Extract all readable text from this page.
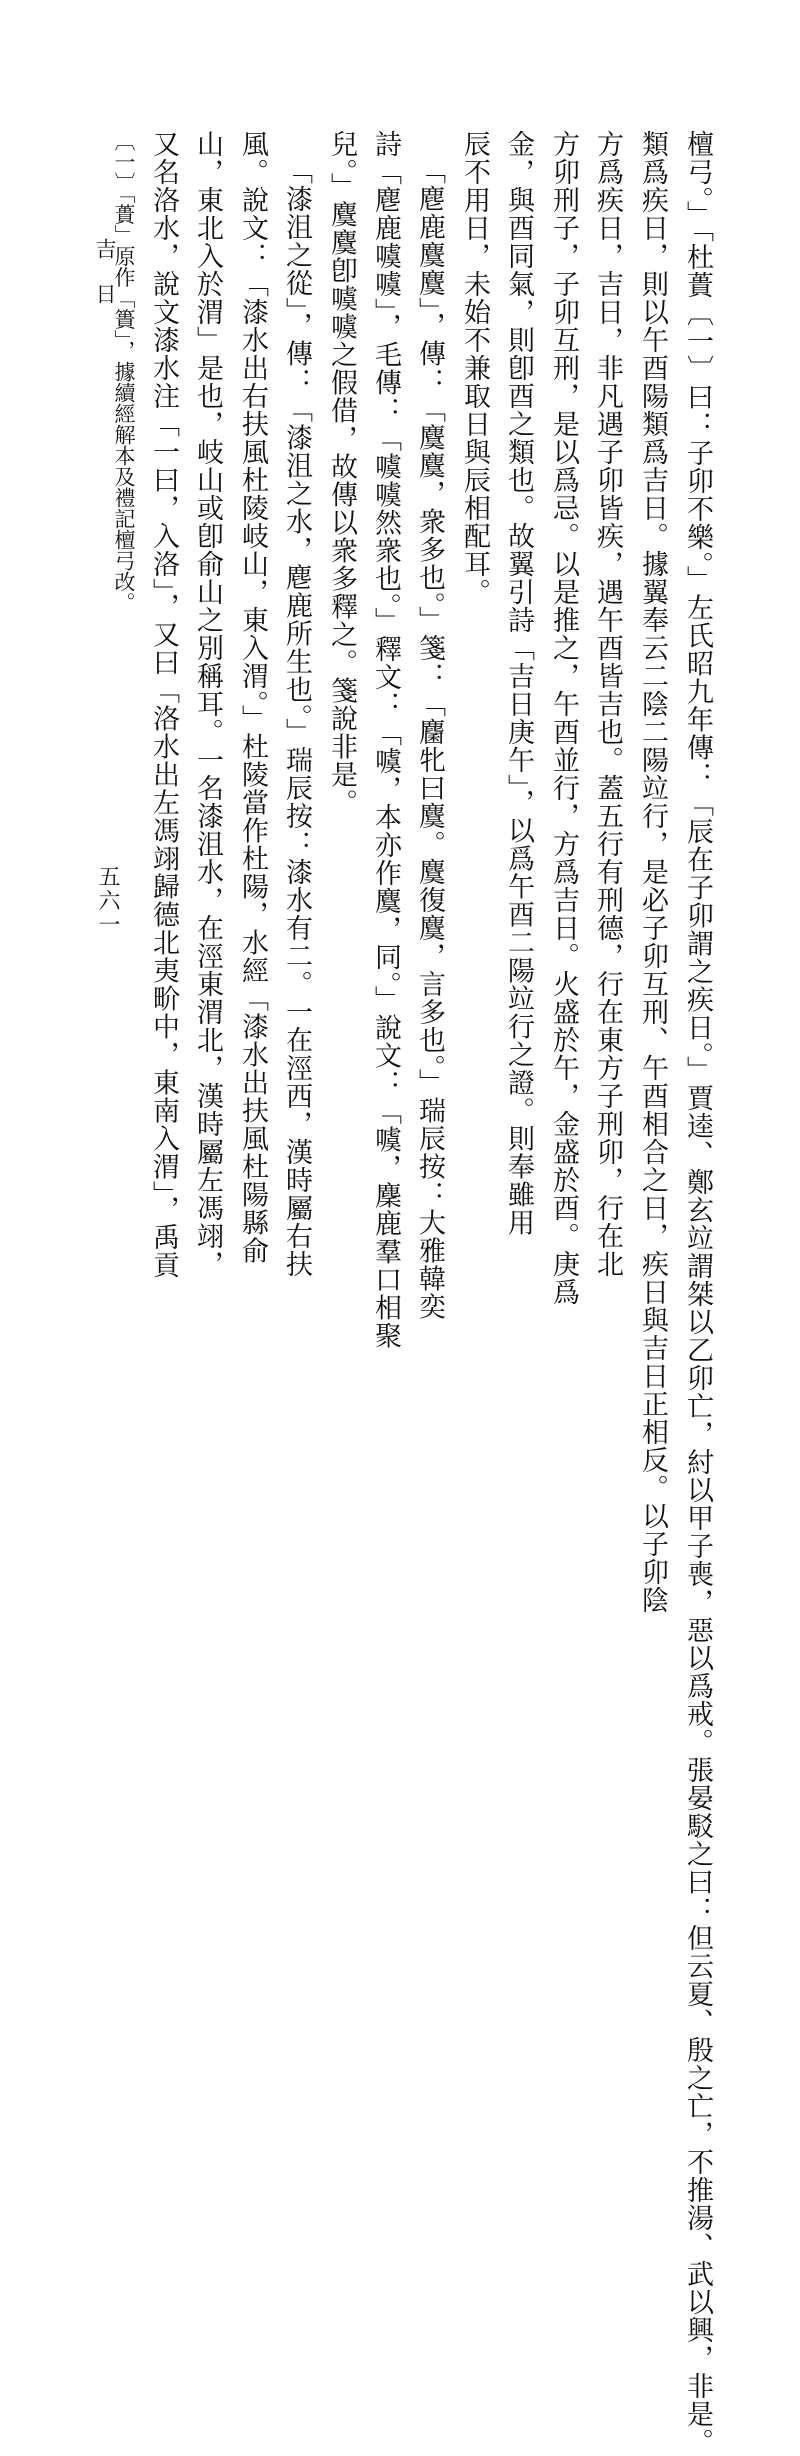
檀弓。」「杜蕢〔一〕曰：子卯不樂。」左氏昭九年傳：「辰在子卯謂之疾日。」賈逵、鄭玄竝謂桀以乙卯亡，紂以甲子喪，惡以爲戒。張晏駁之曰：但云夏、殷之亡，不推湯、武以興，非是。
類爲疾日，則以午酉陽類爲吉日。據翼奉云二陰二陽竝行，是必子卯互刑、午酉相合之日，疾日與吉日正相反。以子卯陰
方爲疾日，吉日，非凡遇子卯皆疾，遇午酉皆吉也。蓋五行有刑德，行在東方子刑卯，行在北
方卯刑子，子卯互刑，是以爲忌。以是推之，午酉並行，方爲吉日。火盛於午，金盛於酉。庚爲
金，與酉同氣，則卽酉之類也。故翼引詩「吉日庚午」，以爲午酉二陽竝行之證。則奉雖用
辰不用日，未始不兼取日與辰相配耳。
「麀鹿麌麌」，傳：「麌麌，衆多也。」箋：「麕牝曰麌。麌復麌，言多也。」瑞辰按：大雅韓奕
詩「麀鹿噳噳」，毛傳：「噳噳然衆也。」釋文：「噳，本亦作麌，同。」說文：「噳，麇鹿羣口相聚
兒。」麌麌卽噳噳之假借，故傳以衆多釋之。箋說非是。
「漆沮之從」，傳：「漆沮之水，麀鹿所生也。」瑞辰按：漆水有二。一在涇西，漢時屬右扶
風。說文：「漆水出右扶風杜陵岐山，東入渭。」杜陵當作杜陽，水經「漆水出扶風杜陽縣俞
山，東北入於渭」是也，岐山或卽俞山之別稱耳。一名漆沮水，在涇東渭北，漢時屬左馮翊，
又名洛水，說文漆水注「一曰，入洛」，又曰「洛水出左馮翊歸德北夷畍中，東南入渭」，禹貢
〔一〕「蕢」原作「簣」，據續經解本及禮記檀弓改。
吉日
五六一
